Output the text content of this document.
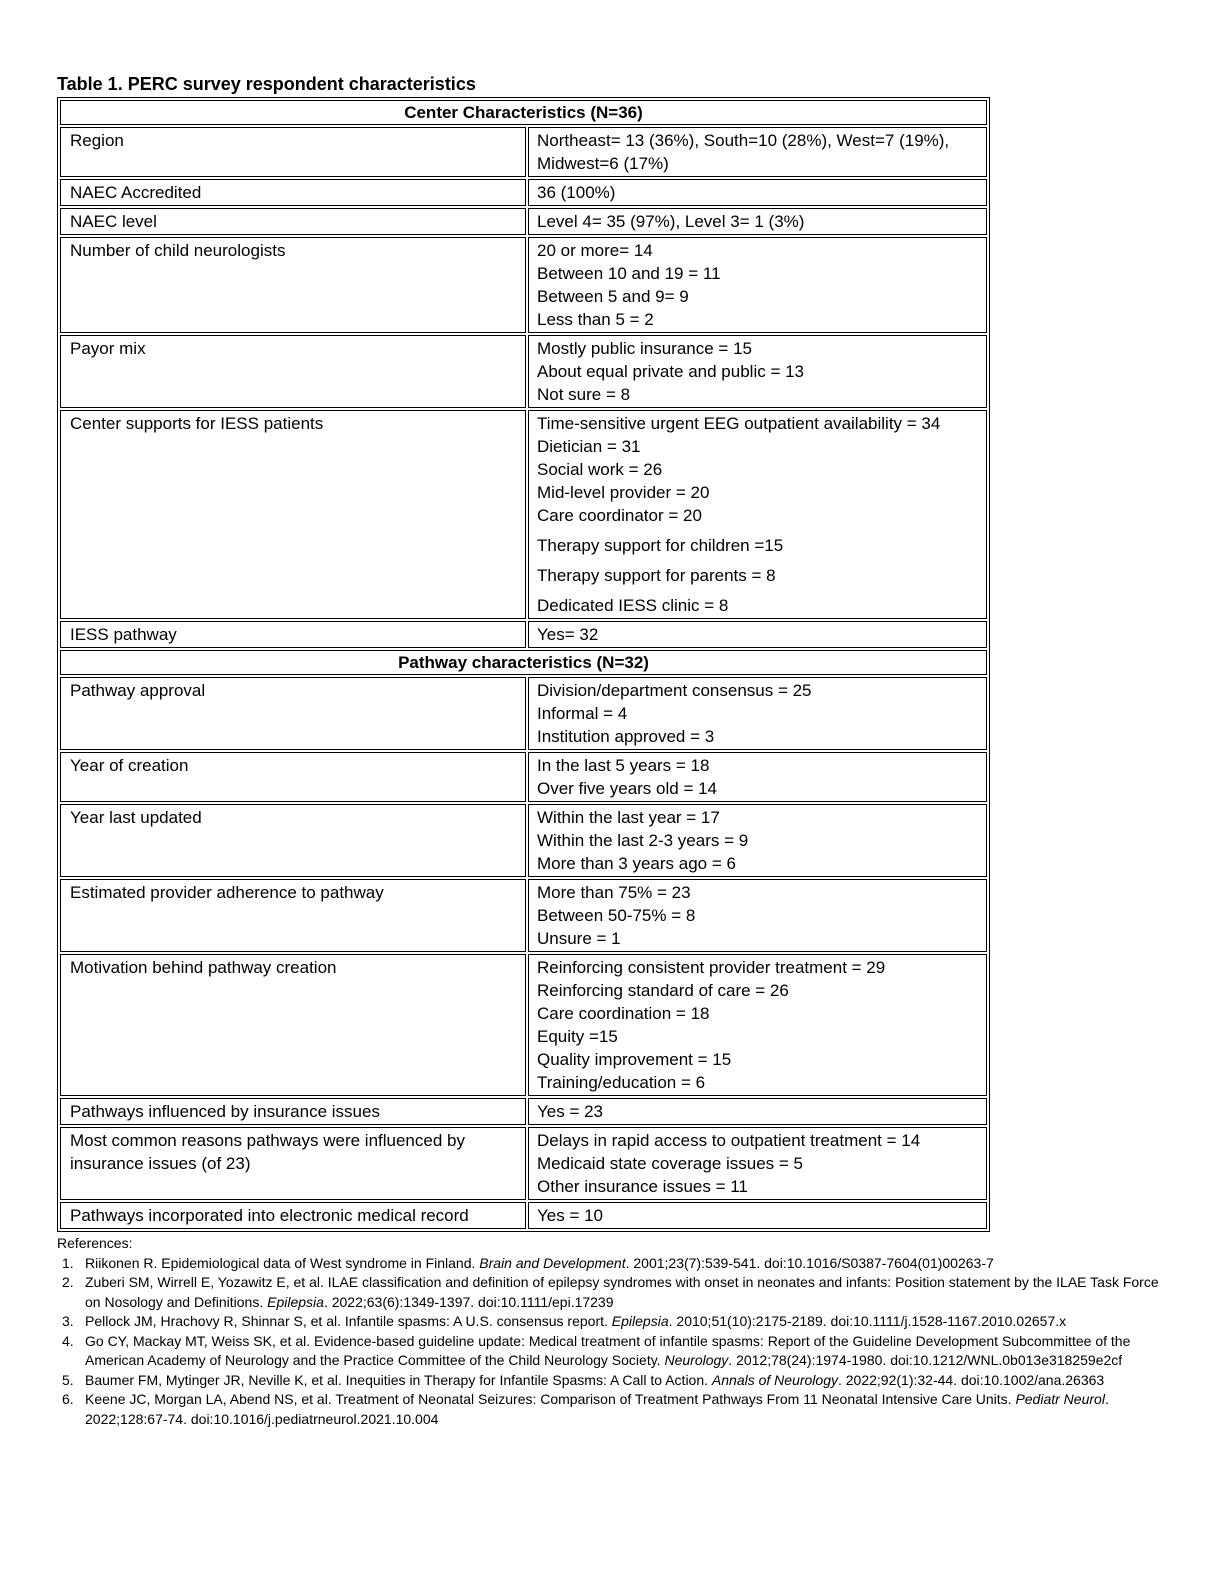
Table 1. PERC survey respondent characteristics
Center Characteristics (N=36)	
Region	Northeast= 13 (36%), South=10 (28%), West=7 (19%), Midwest=6 (17%)

NAEC Accredited	36 (100%)

NAEC level	Level 4= 35 (97%), Level 3= 1 (3%)

Number of child neurologists	20 or more= 14
Between 10 and 19 = 11
Between 5 and 9= 9
Less than 5 = 2

Payor mix	Mostly public insurance = 15
About equal private and public = 13
Not sure = 8

Center supports for IESS patients	Time-sensitive urgent EEG outpatient availability = 34
Dietician = 31
Social work = 26
Mid-level provider = 20
Care coordinator = 20
Therapy support for children =15
Therapy support for parents = 8
Dedicated IESS clinic = 8

IESS pathway	Yes= 32

Pathway characteristics (N=32)	
Pathway approval	Division/department consensus = 25
Informal = 4
Institution approved = 3

Year of creation	In the last 5 years = 18
Over five years old = 14

Year last updated	Within the last year = 17
Within the last 2-3 years = 9
More than 3 years ago = 6

Estimated provider adherence to pathway	More than 75% = 23
Between 50-75% = 8
Unsure = 1

Motivation behind pathway creation	Reinforcing consistent provider treatment = 29
Reinforcing standard of care = 26
Care coordination = 18
Equity =15
Quality improvement = 15
Training/education = 6

Pathways influenced by insurance issues	Yes = 23

Most common reasons pathways were influenced by insurance issues (of 23)	Delays in rapid access to outpatient treatment = 14
Medicaid state coverage issues = 5
Other insurance issues = 11

Pathways incorporated into electronic medical record	Yes = 10
References:
1. Riikonen R. Epidemiological data of West syndrome in Finland. Brain and Development. 2001;23(7):539-541. doi:10.1016/S0387-7604(01)00263-7
2. Zuberi SM, Wirrell E, Yozawitz E, et al. ILAE classification and definition of epilepsy syndromes with onset in neonates and infants: Position statement by the ILAE Task Force on Nosology and Definitions. Epilepsia. 2022;63(6):1349-1397. doi:10.1111/epi.17239
3. Pellock JM, Hrachovy R, Shinnar S, et al. Infantile spasms: A U.S. consensus report. Epilepsia. 2010;51(10):2175-2189. doi:10.1111/j.1528-1167.2010.02657.x
4. Go CY, Mackay MT, Weiss SK, et al. Evidence-based guideline update: Medical treatment of infantile spasms: Report of the Guideline Development Subcommittee of the American Academy of Neurology and the Practice Committee of the Child Neurology Society. Neurology. 2012;78(24):1974-1980. doi:10.1212/WNL.0b013e318259e2cf
5. Baumer FM, Mytinger JR, Neville K, et al. Inequities in Therapy for Infantile Spasms: A Call to Action. Annals of Neurology. 2022;92(1):32-44. doi:10.1002/ana.26363
6. Keene JC, Morgan LA, Abend NS, et al. Treatment of Neonatal Seizures: Comparison of Treatment Pathways From 11 Neonatal Intensive Care Units. Pediatr Neurol. 2022;128:67-74. doi:10.1016/j.pediatrneurol.2021.10.004
